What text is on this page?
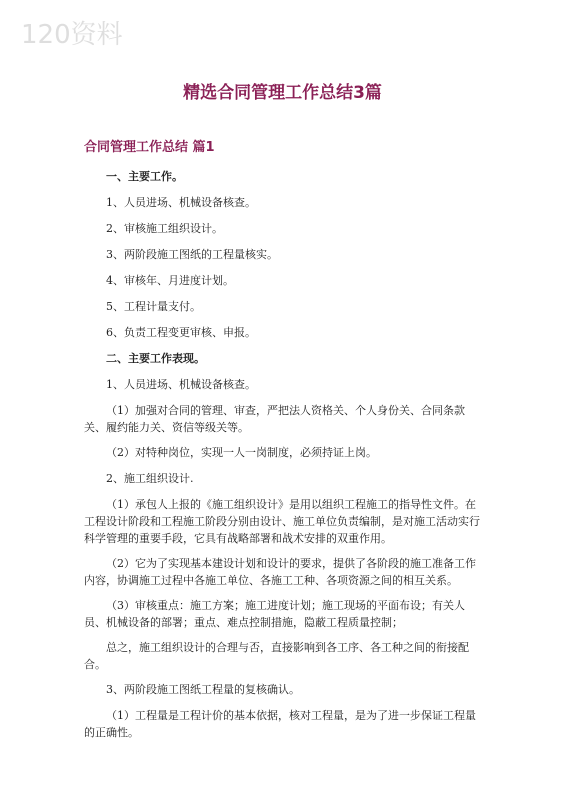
120资料
精选合同管理工作总结3篇
合同管理工作总结 篇1

一、主要工作。

1、人员进场、机械设备核查。

2、审核施工组织设计。

3、两阶段施工图纸的工程量核实。

4、审核年、月进度计划。

5、工程计量支付。

6、负责工程变更审核、申报。

二、主要工作表现。

1、人员进场、机械设备核查。

（1）加强对合同的管理、审查，严把法人资格关、个人身份关、合同条款关、履约能力关、资信等级关等。

（2）对特种岗位，实现一人一岗制度，必须持证上岗。

2、施工组织设计.

（1）承包人上报的《施工组织设计》是用以组织工程施工的指导性文件。在工程设计阶段和工程施工阶段分别由设计、施工单位负责编制，是对施工活动实行科学管理的重要手段，它具有战略部署和战术安排的双重作用。

（2）它为了实现基本建设计划和设计的要求，提供了各阶段的施工准备工作内容，协调施工过程中各施工单位、各施工工种、各项资源之间的相互关系。

（3）审核重点：施工方案；施工进度计划；施工现场的平面布设；有关人员、机械设备的部署；重点、难点控制措施，隐蔽工程质量控制；

总之，施工组织设计的合理与否，直接影响到各工序、各工种之间的衔接配合。

3、两阶段施工图纸工程量的复核确认。

（1）工程量是工程计价的基本依据，核对工程量，是为了进一步保证工程量的正确性。
